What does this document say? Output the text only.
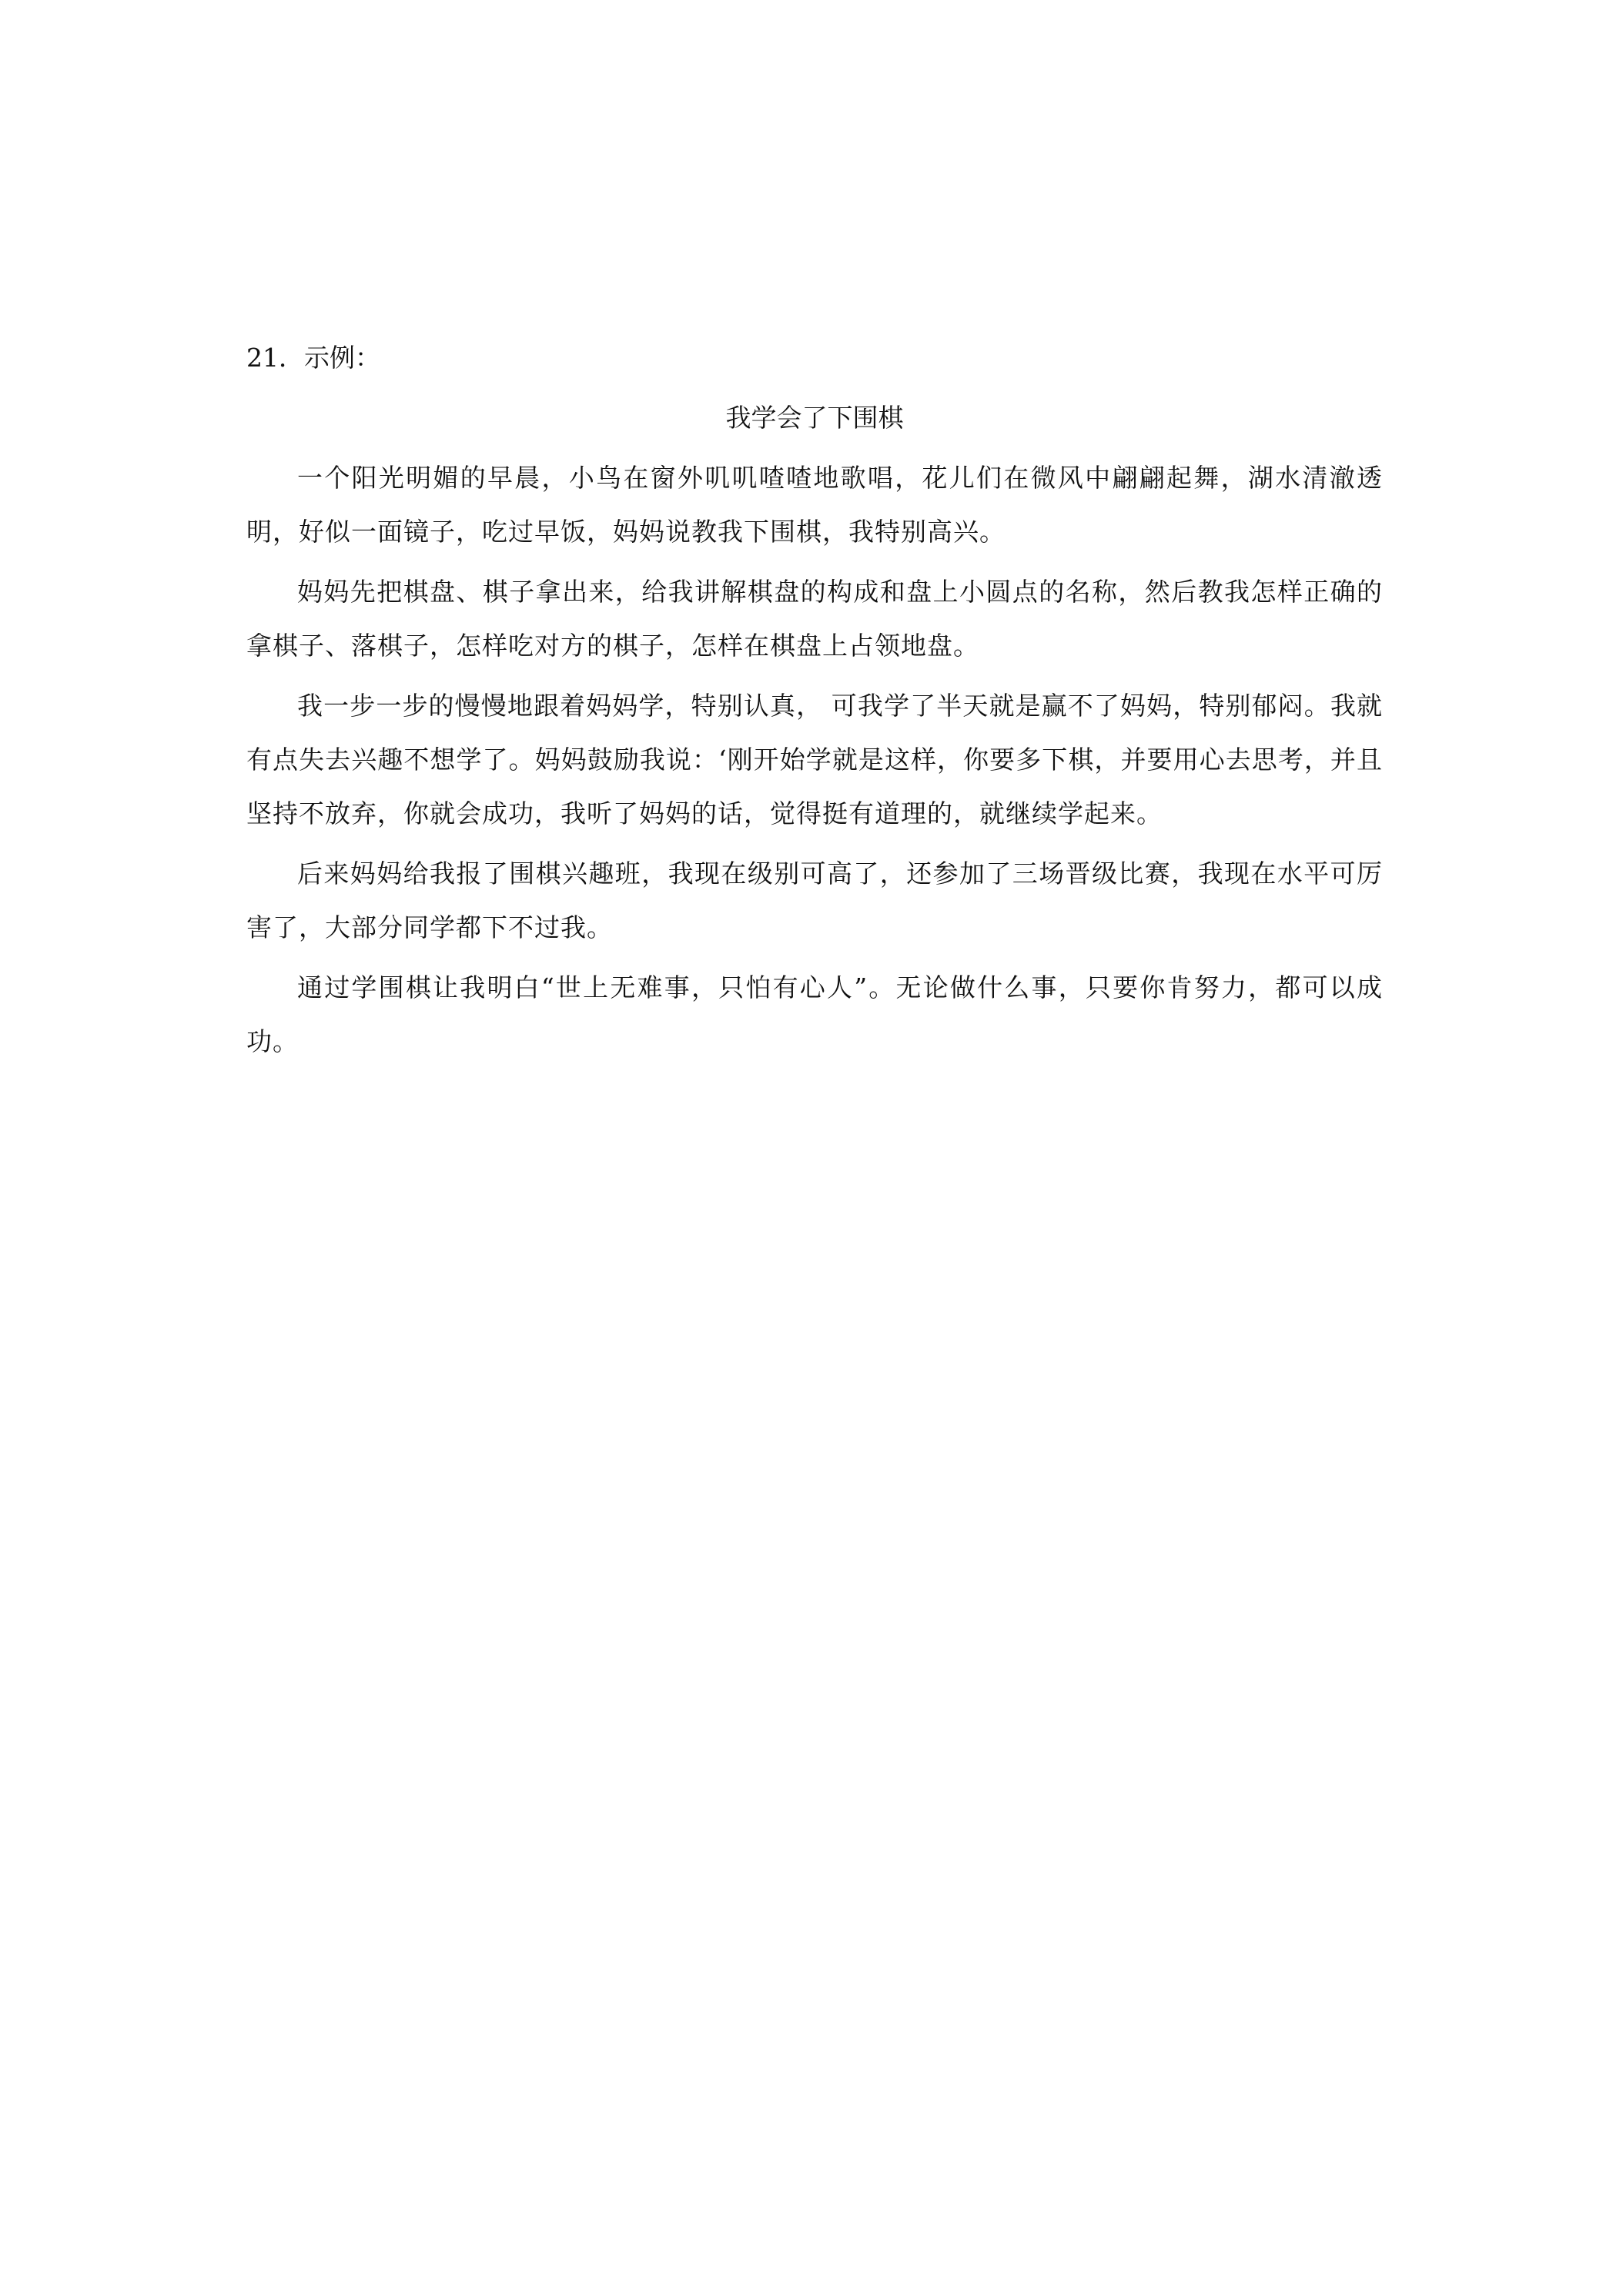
21．示例：
我学会了下围棋

一个阳光明媚的早晨，小鸟在窗外叽叽喳喳地歌唱，花儿们在微风中翩翩起舞，湖水清澈透明，好似一面镜子，吃过早饭，妈妈说教我下围棋，我特别高兴。

妈妈先把棋盘、棋子拿出来，给我讲解棋盘的构成和盘上小圆点的名称，然后教我怎样正确的拿棋子、落棋子，怎样吃对方的棋子，怎样在棋盘上占领地盘。

我一步一步的慢慢地跟着妈妈学，特别认真， 可我学了半天就是赢不了妈妈，特别郁闷。我就有点失去兴趣不想学了。妈妈鼓励我说：‘刚开始学就是这样，你要多下棋，并要用心去思考，并且坚持不放弃，你就会成功，我听了妈妈的话，觉得挺有道理的，就继续学起来。

后来妈妈给我报了围棋兴趣班，我现在级别可高了，还参加了三场晋级比赛，我现在水平可厉害了，大部分同学都下不过我。

通过学围棋让我明白“世上无难事，只怕有心人”。无论做什么事，只要你肯努力，都可以成功。
